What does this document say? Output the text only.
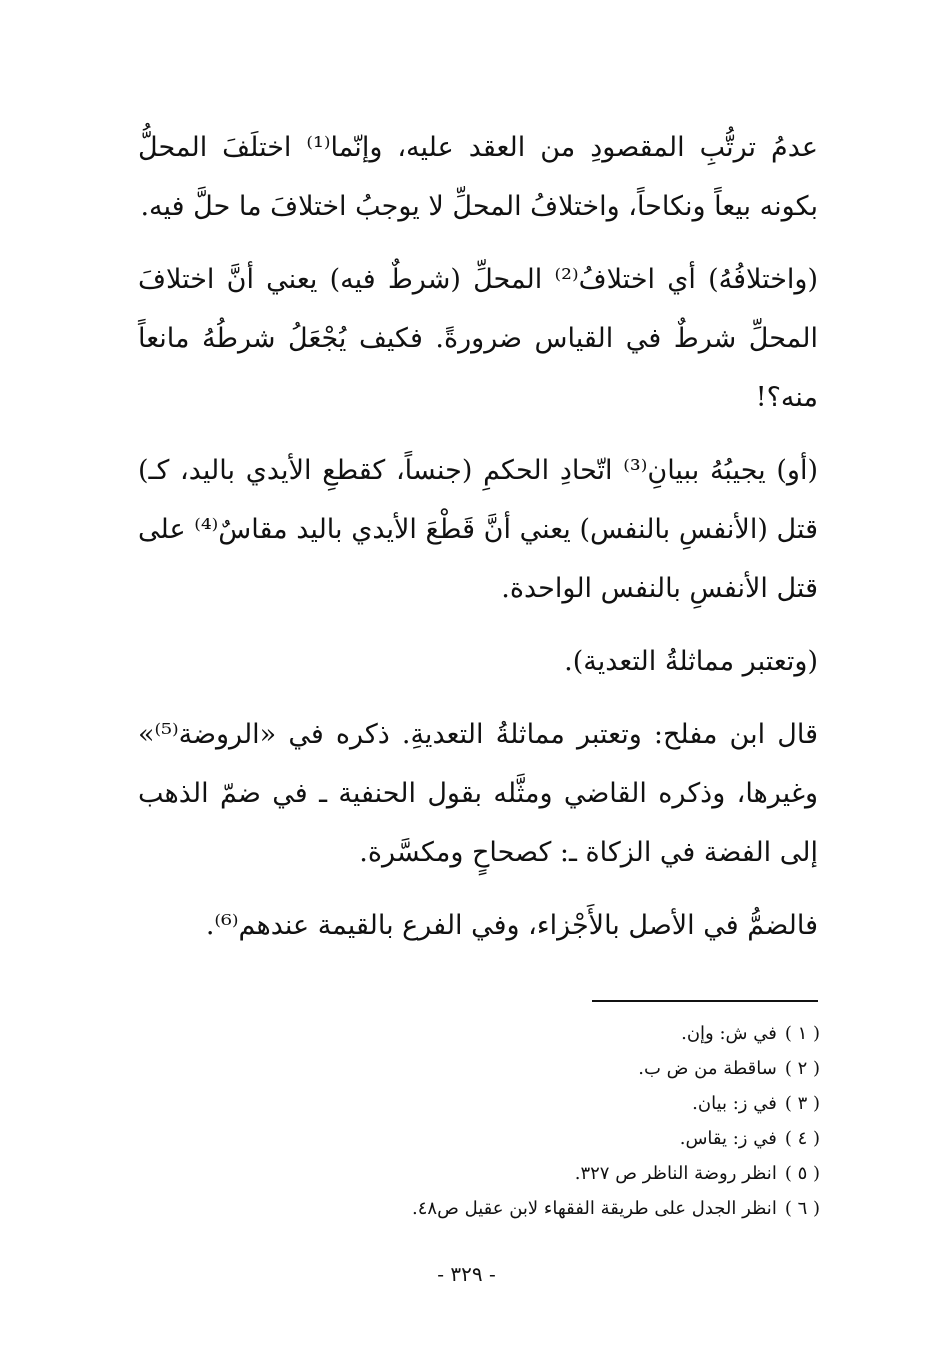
عدمُ ترتُّبِ المقصودِ من العقد عليه، وإنّما⁽¹⁾ اختلَفَ المحلُّ بكونه بيعاً ونكاحاً، واختلافُ المحلِّ لا يوجبُ اختلافَ ما حلَّ فيه.

(واختلافُهُ) أي اختلافُ⁽²⁾ المحلِّ (شرطٌ فيه) يعني أنَّ اختلافَ المحلِّ شرطٌ في القياس ضرورةً. فكيف يُجْعَلُ شرطُهُ مانعاً منه؟!

(أو) يجيبُهُ ببيانِ⁽³⁾ اتّحادِ الحكمِ (جنساً، كقطعِ الأيدي باليد، كـ) قتل (الأنفسِ بالنفس) يعني أنَّ قَطْعَ الأيدي باليد مقاسٌ⁽⁴⁾ على قتل الأنفسِ بالنفس الواحدة.

(وتعتبر مماثلةُ التعدية).

قال ابن مفلح: وتعتبر مماثلةُ التعديةِ. ذكره في «الروضة⁽⁵⁾» وغيرها، وذكره القاضي ومثَّله بقول الحنفية ـ في ضمّ الذهب إلى الفضة في الزكاة ـ: كصحاحٍ ومكسَّرة.

فالضمُّ في الأصل بالأَجْزاء، وفي الفرع بالقيمة عندهم⁽⁶⁾.

( ١ )في ش: وإن.
( ٢ )ساقطة من ض ب.
( ٣ )في ز: بيان.
( ٤ )في ز: يقاس.
( ٥ )انظر روضة الناظر ص ٣٢٧.
( ٦ )انظر الجدل على طريقة الفقهاء لابن عقيل ص٤٨.
- ٣٢٩ -
